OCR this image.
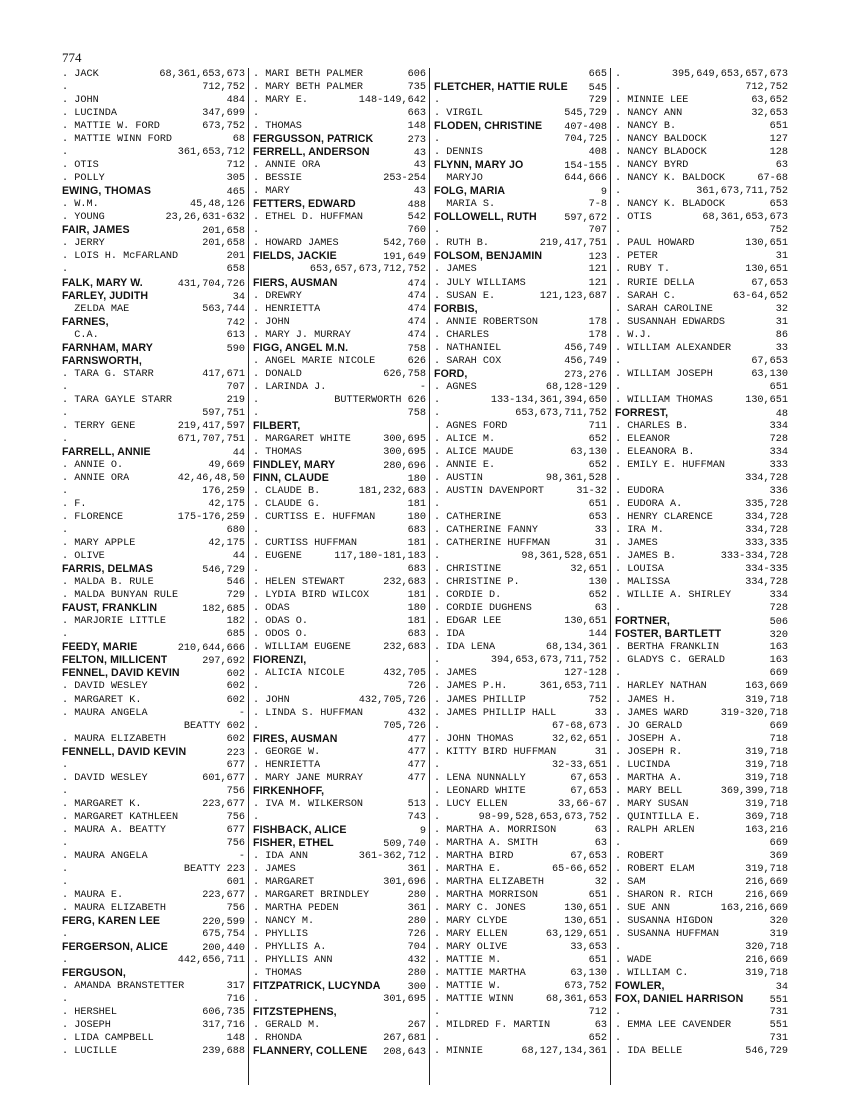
774
. JACK	68,361,653,673
.	712,752
. JOHN	484
. LUCINDA	347,699
. MATTIE W. FORD	673,752
. MATTIE WINN FORD	68
.	361,653,712
. OTIS	712
. POLLY	305
EWING, THOMAS	465
. W.M.	45,48,126
. YOUNG	23,26,631-632
FAIR, JAMES	201,658
. JERRY	201,658
. LOIS H. McFARLAND	201
.	658
FALK, MARY W.	431,704,726
FARLEY, JUDITH	34
ZELDA MAE	563,744
FARNES,	742
C.A.	613
FARNHAM, MARY	590
FARNSWORTH,
. TARA G. STARR	417,671
.	707
. TARA GAYLE STARR	219
.	597,751
. TERRY GENE	219,417,597
.	671,707,751
FARRELL, ANNIE	44
. ANNIE O.	49,669
. ANNIE ORA	42,46,48,50
.	176,259
. F.	42,175
. FLORENCE	175-176,259
.	680
. MARY APPLE	42,175
. OLIVE	44
FARRIS, DELMAS	546,729
. MALDA B. RULE	546
. MALDA BUNYAN RULE	729
FAUST, FRANKLIN	182,685
. MARJORIE LITTLE	182
.	685
FEEDY, MARIE	210,644,666
FELTON, MILLICENT	297,692
FENNEL, DAVID KEVIN	602
. DAVID WESLEY	602
. MARGARET K.	602
. MAURA ANGELA	-
BEATTY 602
. MAURA ELIZABETH	602
FENNELL, DAVID KEVIN	223
.	677
. DAVID WESLEY	601,677
.	756
. MARGARET K.	223,677
. MARGARET KATHLEEN	756
. MAURA A. BEATTY	677
.	756
. MAURA ANGELA	-
.	BEATTY 223
.	601
. MAURA E.	223,677
. MAURA ELIZABETH	756
FERG, KAREN LEE	220,599
.	675,754
FERGERSON, ALICE	200,440
.	442,656,711
FERGUSON,
. AMANDA BRANSTETTER	317
.	716
. HERSHEL	606,735
. JOSEPH	317,716
. LIDA CAMPBELL	148
. LUCILLE	239,688
. MARI BETH PALMER	606
. MARY BETH PALMER	735
. MARY E.	148-149,642
.	663
. THOMAS	148
FERGUSSON, PATRICK	273
FERRELL, ANDERSON	43
. ANNIE ORA	43
. BESSIE	253-254
. MARY	43
FETTERS, EDWARD	488
. ETHEL D. HUFFMAN	542
.	760
. HOWARD JAMES	542,760
FIELDS, JACKIE	191,649
653,657,673,712,752
FIERS, AUSMAN	474
. DREWRY	474
. HENRIETTA	474
. JOHN	474
. MARY J. MURRAY	474
FIGG, ANGEL M.N.	758
. ANGEL MARIE NICOLE	626
. DONALD	626,758
. LARINDA J.	-
.	BUTTERWORTH 626
.	758
FILBERT,
. MARGARET WHITE	300,695
. THOMAS	300,695
FINDLEY, MARY	280,696
FINN, CLAUDE	180
. CLAUDE B.	181,232,683
. CLAUDE G.	181
. CURTISS E. HUFFMAN	180
.	683
. CURTISS HUFFMAN	181
. EUGENE	117,180-181,183
.	683
. HELEN STEWART	232,683
. LYDIA BIRD WILCOX	181
. ODAS	180
. ODAS O.	181
. ODOS O.	683
. WILLIAM EUGENE	232,683
FIORENZI,
. ALICIA NICOLE	432,705
.	726
. JOHN	432,705,726
. LINDA S. HUFFMAN	432
.	705,726
FIRES, AUSMAN	477
. GEORGE W.	477
. HENRIETTA	477
. MARY JANE MURRAY	477
FIRKENHOFF,
. IVA M. WILKERSON	513
.	743
FISHBACK, ALICE	9
FISHER, ETHEL	509,740
. IDA ANN	361-362,712
. JAMES	361
. MARGARET	301,696
. MARGARET BRINDLEY	280
. MARTHA PEDEN	361
. NANCY M.	280
. PHYLLIS	726
. PHYLLIS A.	704
. PHYLLIS ANN	432
. THOMAS	280
FITZPATRICK, LUCYNDA	300
.	301,695
FITZSTEPHENS,
. GERALD M.	267
. RHONDA	267,681
FLANNERY, COLLENE 208,643
665
FLETCHER, HATTIE RULE 545
.	729
. VIRGIL	545,729
FLODEN, CHRISTINE 407-408
.	704,725
. DENNIS	408
FLYNN, MARY JO	154-155
MARYJO	644,666
FOLG, MARIA	9
MARIA S.	7-8
FOLLOWELL, RUTH	597,672
.	707
. RUTH B.	219,417,751
FOLSOM, BENJAMIN	123
. JAMES	121
. JULY WILLIAMS	121
. SUSAN E.	121,123,687
FORBIS,
. ANNIE ROBERTSON	178
. CHARLES	178
. NATHANIEL	456,749
. SARAH COX	456,749
FORD,	273,276
. AGNES	68,128-129
.	133-134,361,394,650
.	653,673,711,752
. AGNES FORD	711
. ALICE M.	652
. ALICE MAUDE	63,130
. ANNIE E.	652
. AUSTIN	98,361,528
. AUSTIN DAVENPORT	31-32
.	651
. CATHERINE	653
. CATHERINE FANNY	33
. CATHERINE HUFFMAN	31
.	98,361,528,651
. CHRISTINE	32,651
. CHRISTINE P.	130
. CORDIE D.	652
. CORDIE DUGHENS	63
. EDGAR LEE	130,651
. IDA	144
. IDA LENA	68,134,361
.	394,653,673,711,752
. JAMES	127-128
. JAMES P.H.	361,653,711
. JAMES PHILLIP	752
. JAMES PHILLIP HALL	33
.	67-68,673
. JOHN THOMAS	32,62,651
. KITTY BIRD HUFFMAN	31
.	32-33,651
. LENA NUNNALLY	67,653
. LEONARD WHITE	67,653
. LUCY ELLEN	33,66-67
.	98-99,528,653,673,752
. MARTHA A. MORRISON	63
. MARTHA A. SMITH	63
. MARTHA BIRD	67,653
. MARTHA E.	65-66,652
. MARTHA ELIZABETH	32
. MARTHA MORRISON	651
. MARY C. JONES	130,651
. MARY CLYDE	130,651
. MARY ELLEN	63,129,651
. MARY OLIVE	33,653
. MATTIE M.	651
. MATTIE MARTHA	63,130
. MATTIE W.	673,752
. MATTIE WINN	68,361,653
.	712
. MILDRED F. MARTIN	63
.	652
. MINNIE	68,127,134,361
.	395,649,653,657,673
.	712,752
. MINNIE LEE	63,652
. NANCY ANN	32,653
. NANCY B.	651
. NANCY BALDOCK	127
. NANCY BLADOCK	128
. NANCY BYRD	63
. NANCY K. BALDOCK	67-68
.	361,673,711,752
. NANCY K. BLADOCK	653
. OTIS	68,361,653,673
.	752
. PAUL HOWARD	130,651
. PETER	31
. RUBY T.	130,651
. RURIE DELLA	67,653
. SARAH C.	63-64,652
. SARAH CAROLINE	32
. SUSANNAH EDWARDS	31
. W.J.	86
. WILLIAM ALEXANDER	33
.	67,653
. WILLIAM JOSEPH	63,130
.	651
. WILLIAM THOMAS	130,651
FORREST,	48
. CHARLES B.	334
. ELEANOR	728
. ELEANORA B.	334
. EMILY E. HUFFMAN	333
.	334,728
. EUDORA	336
. EUDORA A.	335,728
. HENRY CLARENCE	334,728
. IRA M.	334,728
. JAMES	333,335
. JAMES B.	333-334,728
. LOUISA	334-335
. MALISSA	334,728
. WILLIE A. SHIRLEY	334
.	728
FORTNER,	506
FOSTER, BARTLETT	320
. BERTHA FRANKLIN	163
. GLADYS C. GERALD	163
.	669
. HARLEY NATHAN	163,669
. JAMES H.	319,718
. JAMES WARD	319-320,718
. JO GERALD	669
. JOSEPH A.	718
. JOSEPH R.	319,718
. LUCINDA	319,718
. MARTHA A.	319,718
. MARY BELL	369,399,718
. MARY SUSAN	319,718
. QUINTILLA E.	369,718
. RALPH ARLEN	163,216
.	669
. ROBERT	369
. ROBERT ELAM	319,718
. SAM	216,669
. SHARON R. RICH	216,669
. SUE ANN	163,216,669
. SUSANNA HIGDON	320
. SUSANNA HUFFMAN	319
.	320,718
. WADE	216,669
. WILLIAM C.	319,718
FOWLER,	34
FOX, DANIEL HARRISON	551
.	731
. EMMA LEE CAVENDER	551
.	731
. IDA BELLE	546,729
